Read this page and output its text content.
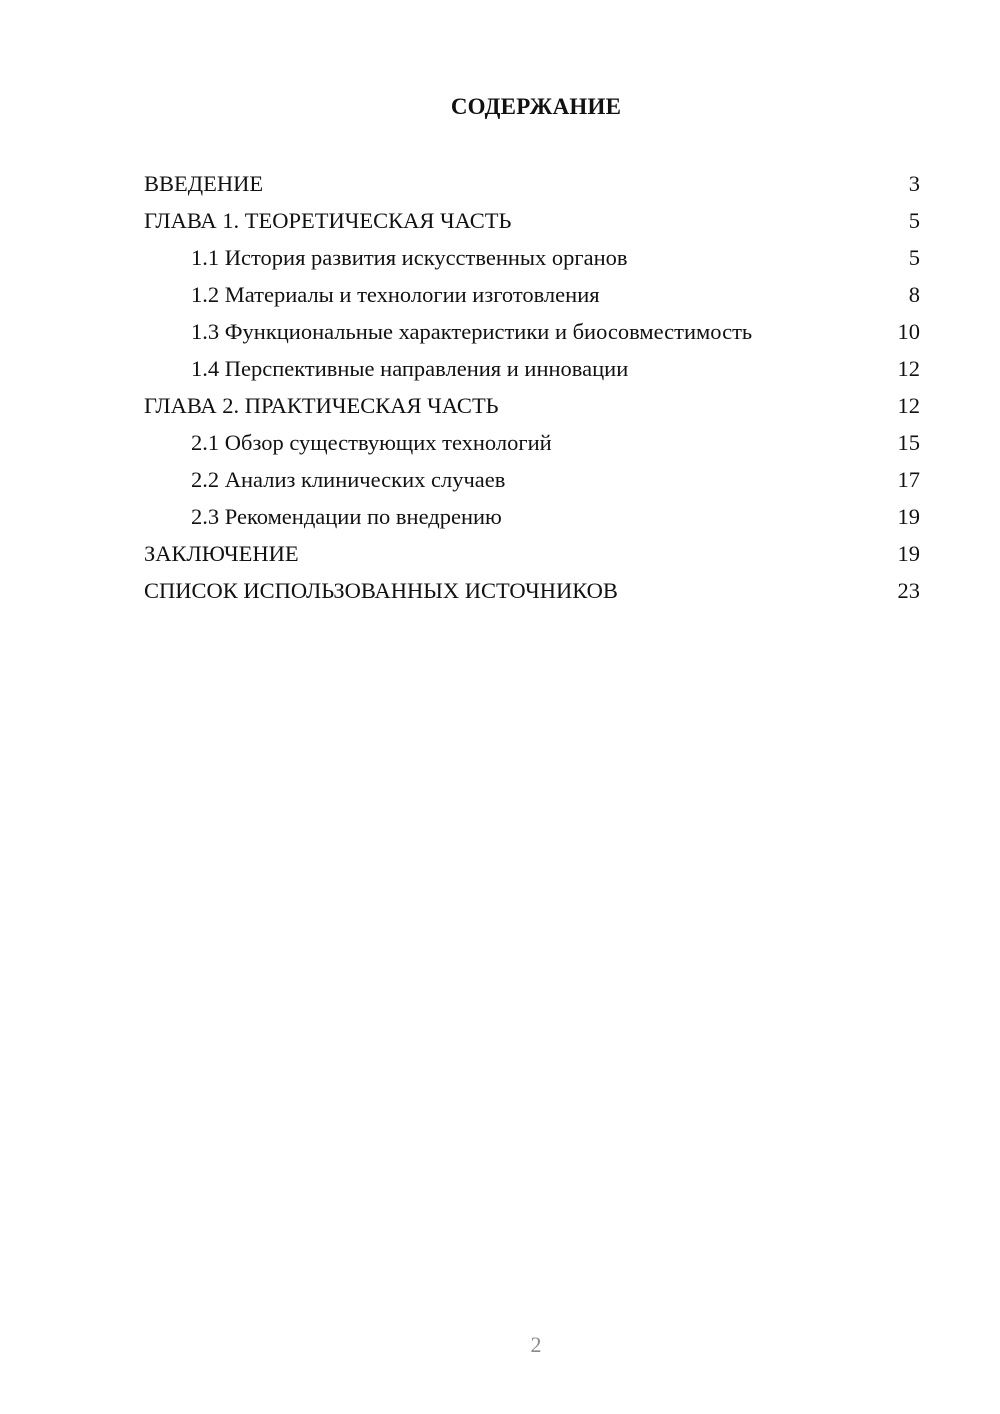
СОДЕРЖАНИЕ
ВВЕДЕНИЕ	3
ГЛАВА 1. ТЕОРЕТИЧЕСКАЯ ЧАСТЬ	5
1.1 История развития искусственных органов	5
1.2 Материалы и технологии изготовления	8
1.3 Функциональные характеристики и биосовместимость	10
1.4 Перспективные направления и инновации	12
ГЛАВА 2. ПРАКТИЧЕСКАЯ ЧАСТЬ	12
2.1 Обзор существующих технологий	15
2.2 Анализ клинических случаев	17
2.3 Рекомендации по внедрению	19
ЗАКЛЮЧЕНИЕ	19
СПИСОК ИСПОЛЬЗОВАННЫХ ИСТОЧНИКОВ	23
2
